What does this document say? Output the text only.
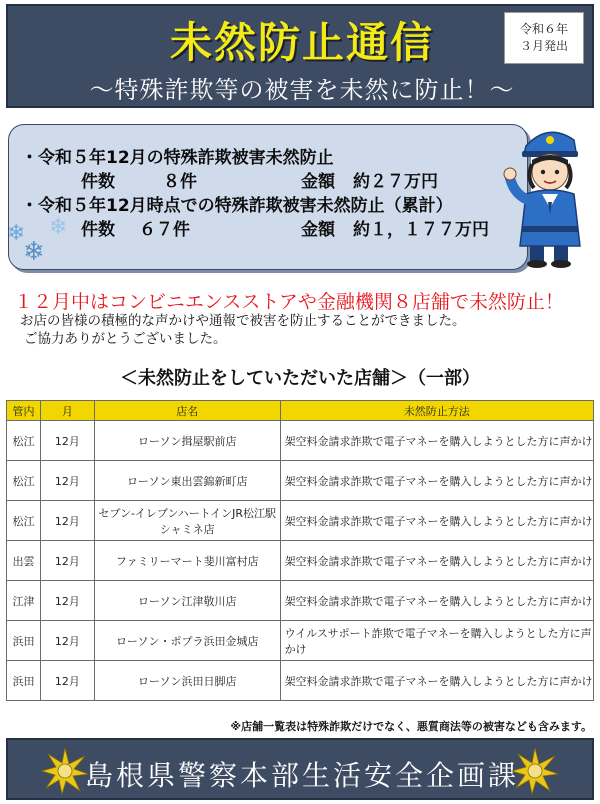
未然防止通信
～特殊詐欺等の被害を未然に防止！～
令和６年
３月発出
・令和５年12月の特殊詐欺被害未然防止
件数	８件	金額 約２７万円
・令和５年12月時点での特殊詐欺被害未然防止（累計）
件数 ６７件	金額 約１，１７７万円
❄
❄
❄
１２月中はコンビニエンスストアや金融機関８店舗で未然防止！
お店の皆様の積極的な声かけや通報で被害を防止することができました。
ご協力ありがとうございました。
＜未然防止をしていただいた店舗＞（一部）
管内	月	店名	未然防止方法
松江	12月	ローソン揖屋駅前店	架空料金請求詐欺で電子マネーを購入しようとした方に声かけ
松江	12月	ローソン東出雲錦新町店	架空料金請求詐欺で電子マネーを購入しようとした方に声かけ
松江	12月	セブン-イレブンハートインJR松江駅シャミネ店	架空料金請求詐欺で電子マネーを購入しようとした方に声かけ
出雲	12月	ファミリーマート斐川富村店	架空料金請求詐欺で電子マネーを購入しようとした方に声かけ
江津	12月	ローソン江津敬川店	架空料金請求詐欺で電子マネーを購入しようとした方に声かけ
浜田	12月	ローソン・ポプラ浜田金城店	ウイルスサポート詐欺で電子マネーを購入しようとした方に声かけ
浜田	12月	ローソン浜田日脚店	架空料金請求詐欺で電子マネーを購入しようとした方に声かけ
※店舗一覧表は特殊詐欺だけでなく、悪質商法等の被害なども含みます。
島根県警察本部生活安全企画課
